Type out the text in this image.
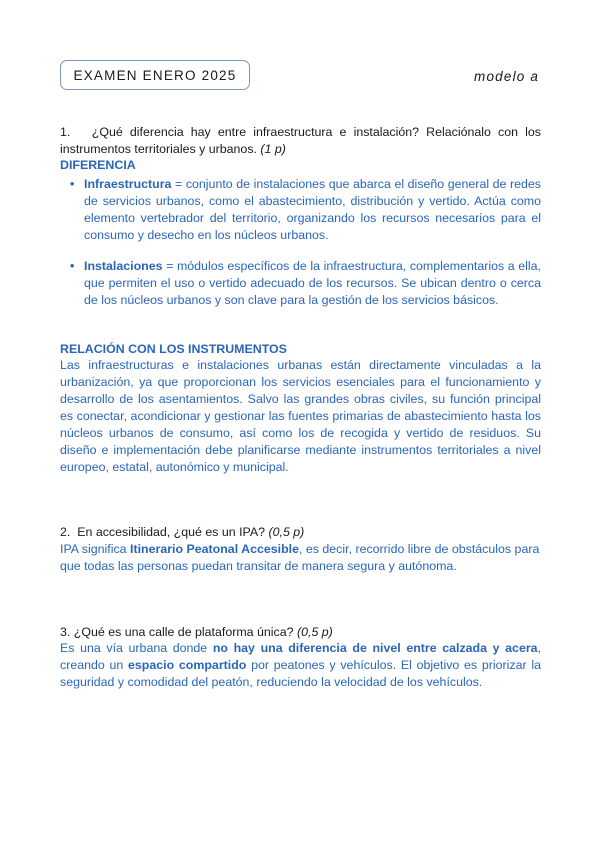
EXAMEN ENERO 2025	modelo a
1. ¿Qué diferencia hay entre infraestructura e instalación? Relaciónalo con los instrumentos territoriales y urbanos. (1 p)
DIFERENCIA
• Infraestructura = conjunto de instalaciones que abarca el diseño general de redes de servicios urbanos, como el abastecimiento, distribución y vertido. Actúa como elemento vertebrador del territorio, organizando los recursos necesarios para el consumo y desecho en los núcleos urbanos.
• Instalaciones = módulos específicos de la infraestructura, complementarios a ella, que permiten el uso o vertido adecuado de los recursos. Se ubican dentro o cerca de los núcleos urbanos y son clave para la gestión de los servicios básicos.
RELACIÓN CON LOS INSTRUMENTOS
Las infraestructuras e instalaciones urbanas están directamente vinculadas a la urbanización, ya que proporcionan los servicios esenciales para el funcionamiento y desarrollo de los asentamientos. Salvo las grandes obras civiles, su función principal es conectar, acondicionar y gestionar las fuentes primarias de abastecimiento hasta los núcleos urbanos de consumo, así como los de recogida y vertido de residuos. Su diseño e implementación debe planificarse mediante instrumentos territoriales a nivel europeo, estatal, autonómico y municipal.
2. En accesibilidad, ¿qué es un IPA? (0,5 p)
IPA significa Itinerario Peatonal Accesible, es decir, recorrido libre de obstáculos para que todas las personas puedan transitar de manera segura y autónoma.
3. ¿Qué es una calle de plataforma única? (0,5 p)
Es una vía urbana donde no hay una diferencia de nivel entre calzada y acera, creando un espacio compartido por peatones y vehículos. El objetivo es priorizar la seguridad y comodidad del peatón, reduciendo la velocidad de los vehículos.
